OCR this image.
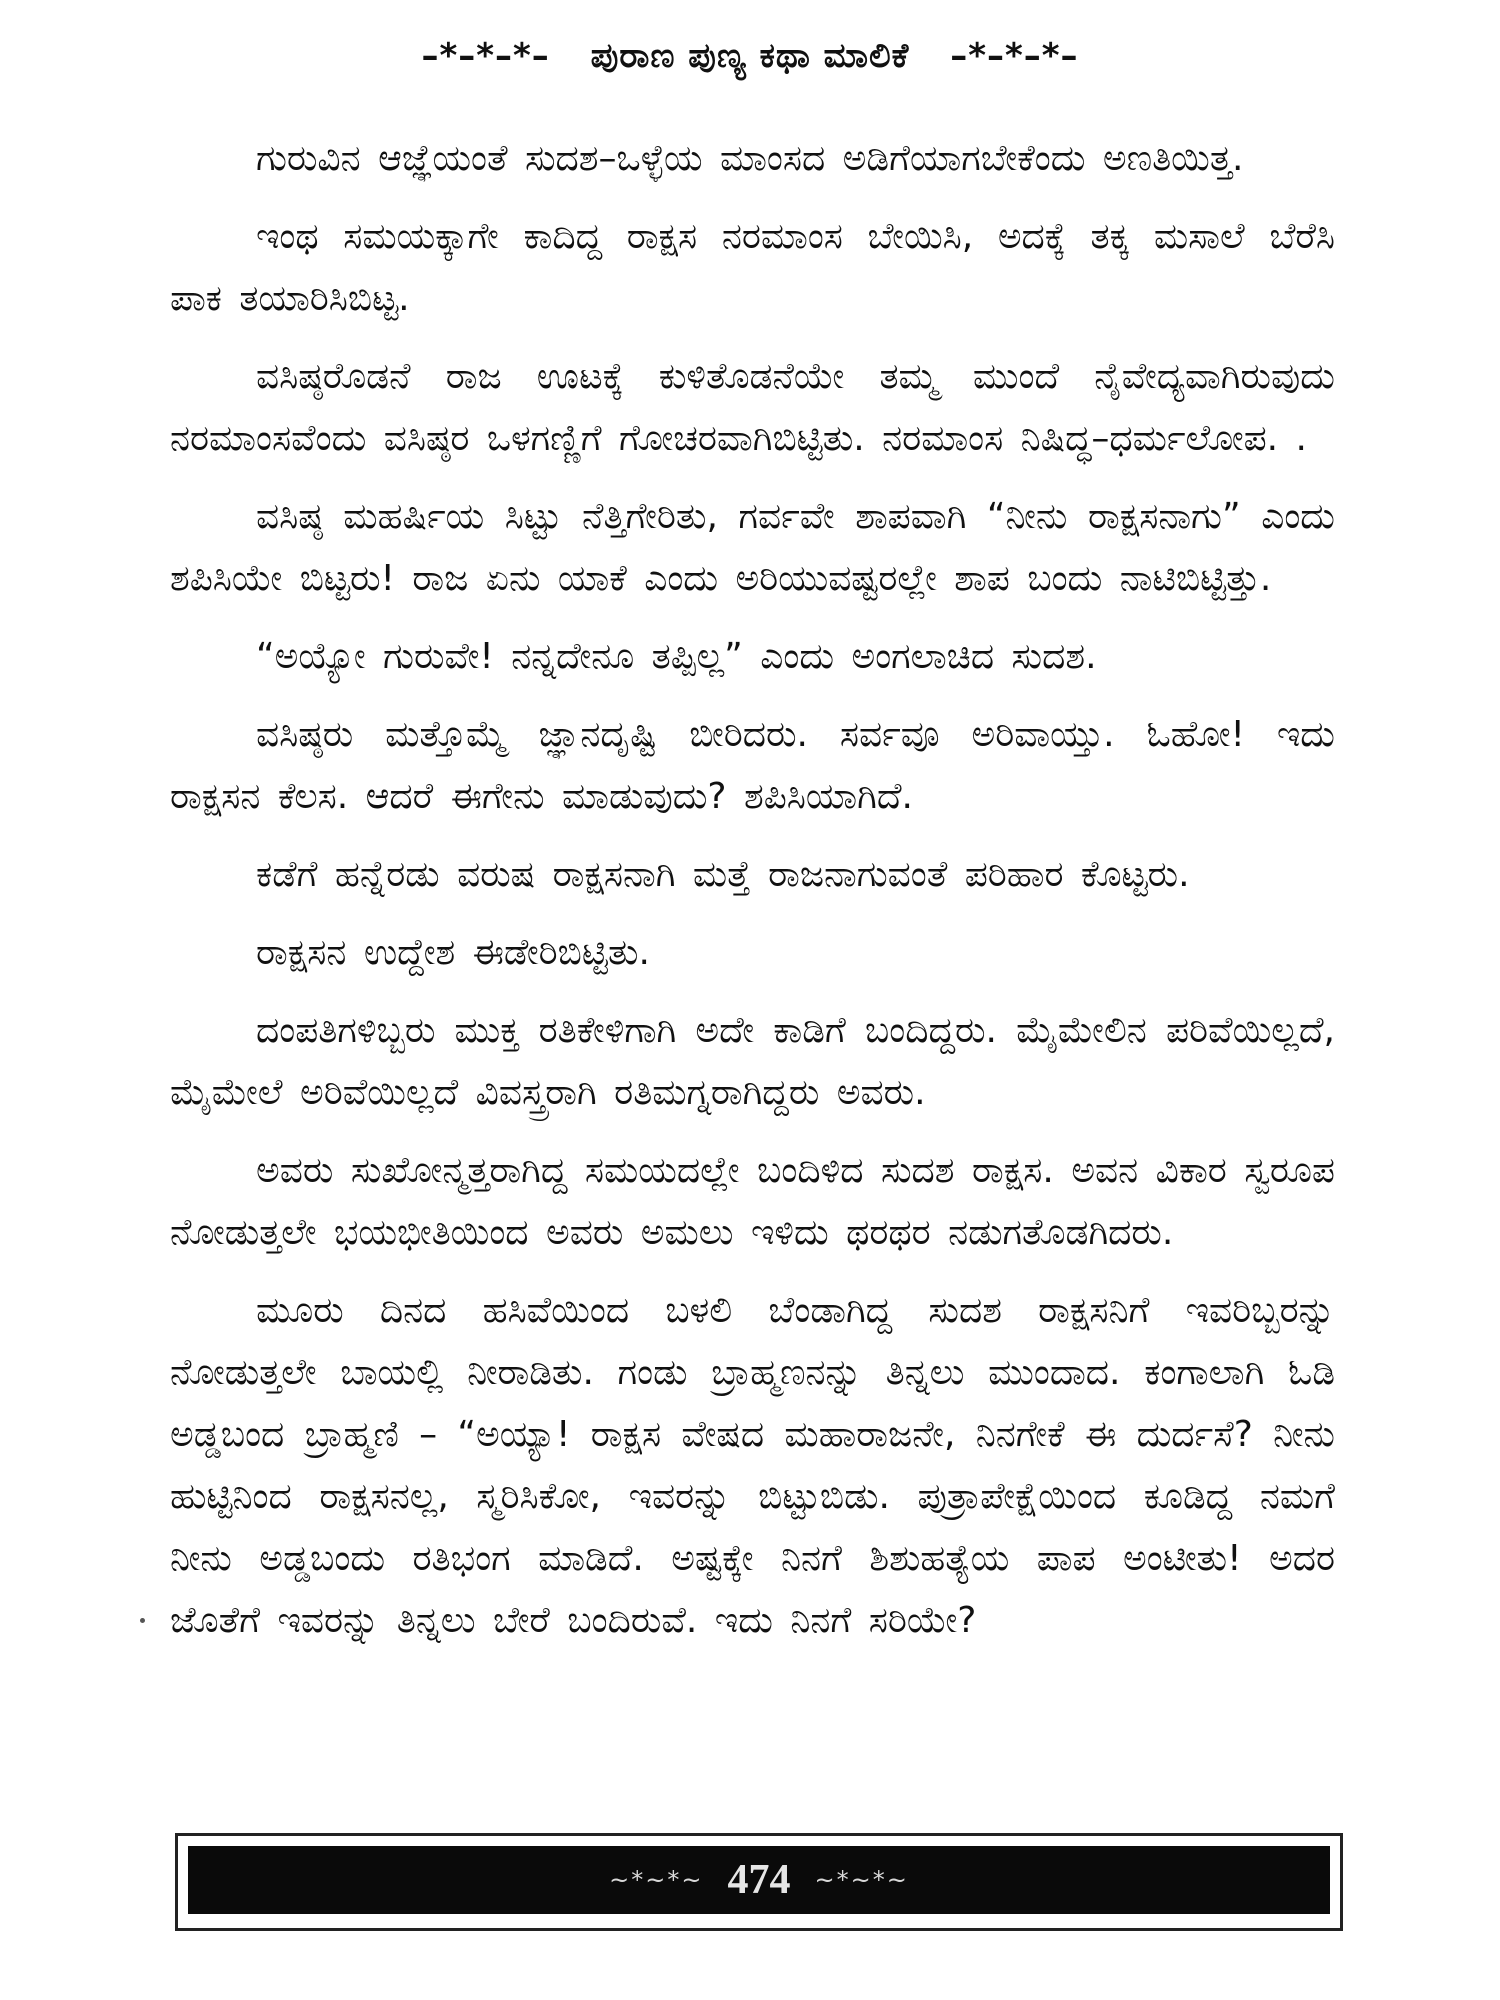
–*–*–*– ಪುರಾಣ ಪುಣ್ಯ ಕಥಾ ಮಾಲಿಕೆ –*–*–*–

ಗುರುವಿನ ಆಜ್ಞೆಯಂತೆ ಸುದಶ–ಒಳ್ಳೆಯ ಮಾಂಸದ ಅಡಿಗೆಯಾಗಬೇಕೆಂದು ಅಣತಿಯಿತ್ತ.

ಇಂಥ ಸಮಯಕ್ಕಾಗೇ ಕಾದಿದ್ದ ರಾಕ್ಷಸ ನರಮಾಂಸ ಬೇಯಿಸಿ, ಅದಕ್ಕೆ ತಕ್ಕ ಮಸಾಲೆ ಬೆರೆಸಿ ಪಾಕ ತಯಾರಿಸಿಬಿಟ್ಟ.

ವಸಿಷ್ಠರೊಡನೆ ರಾಜ ಊಟಕ್ಕೆ ಕುಳಿತೊಡನೆಯೇ ತಮ್ಮ ಮುಂದೆ ನೈವೇದ್ಯವಾಗಿರುವುದು ನರಮಾಂಸವೆಂದು ವಸಿಷ್ಠರ ಒಳಗಣ್ಣಿಗೆ ಗೋಚರವಾಗಿಬಿಟ್ಟಿತು. ನರಮಾಂಸ ನಿಷಿದ್ಧ–ಧರ್ಮಲೋಪ. .

ವಸಿಷ್ಠ ಮಹರ್ಷಿಯ ಸಿಟ್ಟು ನೆತ್ತಿಗೇರಿತು, ಗರ್ವವೇ ಶಾಪವಾಗಿ “ನೀನು ರಾಕ್ಷಸನಾಗು” ಎಂದು ಶಪಿಸಿಯೇ ಬಿಟ್ಟರು! ರಾಜ ಏನು ಯಾಕೆ ಎಂದು ಅರಿಯುವಷ್ಟರಲ್ಲೇ ಶಾಪ ಬಂದು ನಾಟಿಬಿಟ್ಟಿತ್ತು.

“ಅಯ್ಯೋ ಗುರುವೇ! ನನ್ನದೇನೂ ತಪ್ಪಿಲ್ಲ” ಎಂದು ಅಂಗಲಾಚಿದ ಸುದಶ.

ವಸಿಷ್ಠರು ಮತ್ತೊಮ್ಮೆ ಜ್ಞಾನದೃಷ್ಟಿ ಬೀರಿದರು. ಸರ್ವವೂ ಅರಿವಾಯ್ತು. ಓಹೋ! ಇದು ರಾಕ್ಷಸನ ಕೆಲಸ. ಆದರೆ ಈಗೇನು ಮಾಡುವುದು? ಶಪಿಸಿಯಾಗಿದೆ.

ಕಡೆಗೆ ಹನ್ನೆರಡು ವರುಷ ರಾಕ್ಷಸನಾಗಿ ಮತ್ತೆ ರಾಜನಾಗುವಂತೆ ಪರಿಹಾರ ಕೊಟ್ಟರು.

ರಾಕ್ಷಸನ ಉದ್ದೇಶ ಈಡೇರಿಬಿಟ್ಟಿತು.

ದಂಪತಿಗಳಿಬ್ಬರು ಮುಕ್ತ ರತಿಕೇಳಿಗಾಗಿ ಅದೇ ಕಾಡಿಗೆ ಬಂದಿದ್ದರು. ಮೈಮೇಲಿನ ಪರಿವೆಯಿಲ್ಲದೆ, ಮೈಮೇಲೆ ಅರಿವೆಯಿಲ್ಲದೆ ವಿವಸ್ತ್ರರಾಗಿ ರತಿಮಗ್ನರಾಗಿದ್ದರು ಅವರು.

ಅವರು ಸುಖೋನ್ಮತ್ತರಾಗಿದ್ದ ಸಮಯದಲ್ಲೇ ಬಂದಿಳಿದ ಸುದಶ ರಾಕ್ಷಸ. ಅವನ ವಿಕಾರ ಸ್ವರೂಪ ನೋಡುತ್ತಲೇ ಭಯಭೀತಿಯಿಂದ ಅವರು ಅಮಲು ಇಳಿದು ಥರಥರ ನಡುಗತೊಡಗಿದರು.

ಮೂರು ದಿನದ ಹಸಿವೆಯಿಂದ ಬಳಲಿ ಬೆಂಡಾಗಿದ್ದ ಸುದಶ ರಾಕ್ಷಸನಿಗೆ ಇವರಿಬ್ಬರನ್ನು ನೋಡುತ್ತಲೇ ಬಾಯಲ್ಲಿ ನೀರಾಡಿತು. ಗಂಡು ಬ್ರಾಹ್ಮಣನನ್ನು ತಿನ್ನಲು ಮುಂದಾದ. ಕಂಗಾಲಾಗಿ ಓಡಿ ಅಡ್ಡಬಂದ ಬ್ರಾಹ್ಮಣಿ – “ಅಯ್ಯಾ! ರಾಕ್ಷಸ ವೇಷದ ಮಹಾರಾಜನೇ, ನಿನಗೇಕೆ ಈ ದುರ್ದಸೆ? ನೀನು ಹುಟ್ಟಿನಿಂದ ರಾಕ್ಷಸನಲ್ಲ, ಸ್ಮರಿಸಿಕೋ, ಇವರನ್ನು ಬಿಟ್ಟುಬಿಡು. ಪುತ್ರಾಪೇಕ್ಷೆಯಿಂದ ಕೂಡಿದ್ದ ನಮಗೆ ನೀನು ಅಡ್ಡಬಂದು ರತಿಭಂಗ ಮಾಡಿದೆ. ಅಷ್ಟಕ್ಕೇ ನಿನಗೆ ಶಿಶುಹತ್ಯೆಯ ಪಾಪ ಅಂಟೀತು! ಅದರ ಜೊತೆಗೆ ಇವರನ್ನು ತಿನ್ನಲು ಬೇರೆ ಬಂದಿರುವೆ. ಇದು ನಿನಗೆ ಸರಿಯೇ?

~*~*~ 474 ~*~*~
